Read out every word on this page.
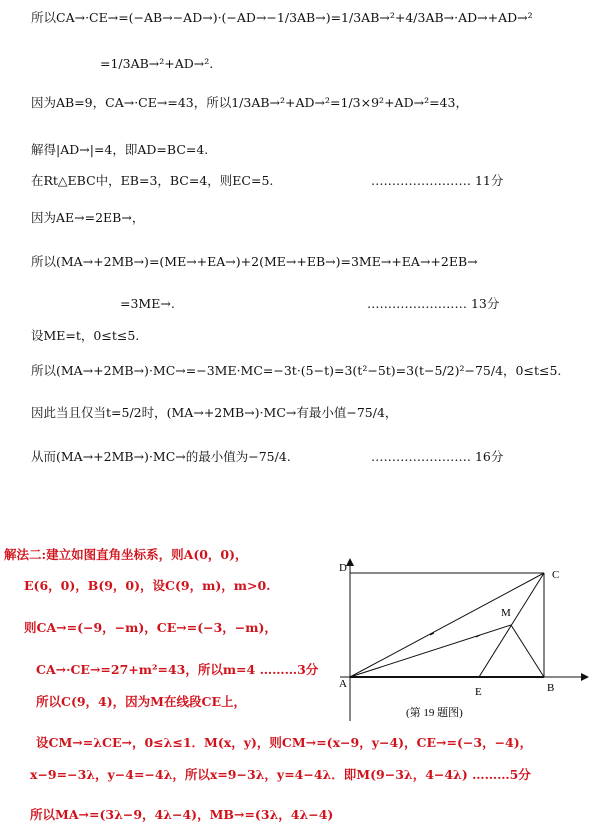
所以CA→·CE→=(−AB→−AD→)·(−AD→−1/3AB→)=1/3AB→²+4/3AB→·AD→+AD→²
=1/3AB→²+AD→².
因为AB=9，CA→·CE→=43，所以1/3AB→²+AD→²=1/3×9²+AD→²=43，
解得|AD→|=4，即AD=BC=4.
在Rt△EBC中，EB=3，BC=4，则EC=5.	…………………… 11分
因为AE→=2EB→，
所以(MA→+2MB→)=(ME→+EA→)+2(ME→+EB→)=3ME→+EA→+2EB→
=3ME→.	…………………… 13分
设ME=t，0≤t≤5.
所以(MA→+2MB→)·MC→=−3ME·MC=−3t·(5−t)=3(t²−5t)=3(t−5/2)²−75/4，0≤t≤5.
因此当且仅当t=5/2时，(MA→+2MB→)·MC→有最小值−75/4，
从而(MA→+2MB→)·MC→的最小值为−75/4.	…………………… 16分
解法二:建立如图直角坐标系，则A(0，0)，
E(6，0)，B(9，0)，设C(9，m)，m>0.
则CA→=(−9，−m)，CE→=(−3，−m)，
CA→·CE→=27+m²=43，所以m=4 ………3分
所以C(9，4)，因为M在线段CE上，
设CM→=λCE→，0≤λ≤1．M(x，y)，则CM→=(x−9，y−4)，CE→=(−3，−4)，
x−9=−3λ，y−4=−4λ，所以x=9−3λ，y=4−4λ．即M(9−3λ，4−4λ) ………5分
所以MA→=(3λ−9，4λ−4)，MB→=(3λ，4λ−4)
D
C
M
A
E	B
(第 19 题图)
